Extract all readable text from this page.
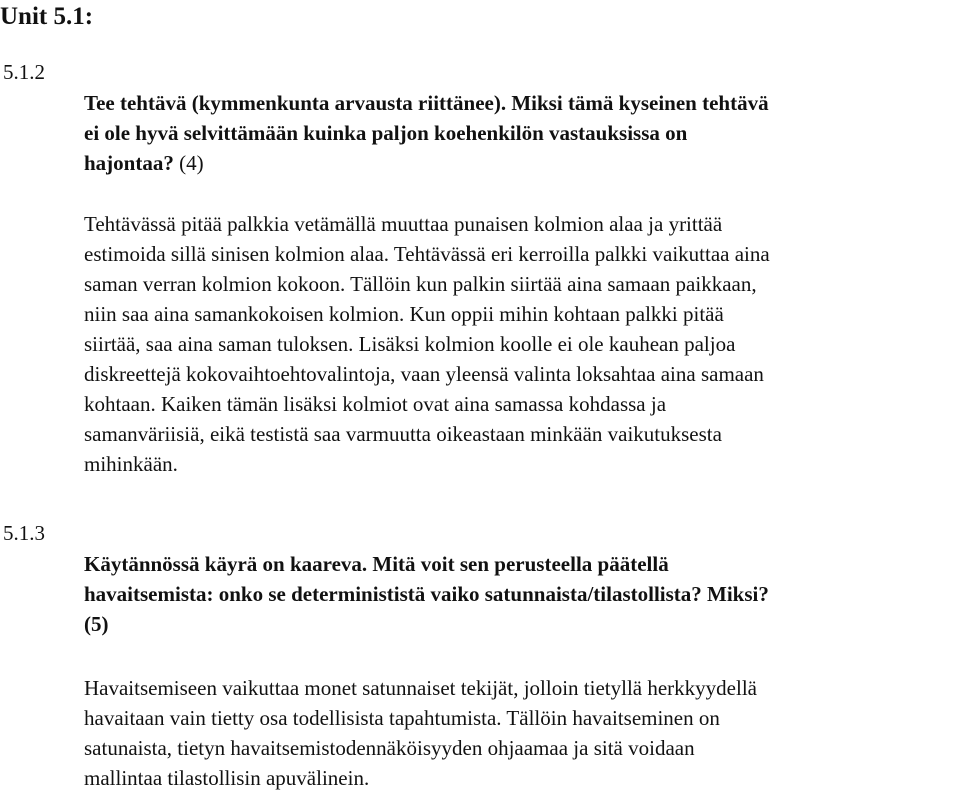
Unit 5.1:
5.1.2
Tee tehtävä (kymmenkunta arvausta riittänee). Miksi tämä kyseinen tehtävä
ei ole hyvä selvittämään kuinka paljon koehenkilön vastauksissa on
hajontaa? (4)
Tehtävässä pitää palkkia vetämällä muuttaa punaisen kolmion alaa ja yrittää
estimoida sillä sinisen kolmion alaa. Tehtävässä eri kerroilla palkki vaikuttaa aina
saman verran kolmion kokoon. Tällöin kun palkin siirtää aina samaan paikkaan,
niin saa aina samankokoisen kolmion. Kun oppii mihin kohtaan palkki pitää
siirtää, saa aina saman tuloksen. Lisäksi kolmion koolle ei ole kauhean paljoa
diskreettejä kokovaihtoehtovalintoja, vaan yleensä valinta loksahtaa aina samaan
kohtaan. Kaiken tämän lisäksi kolmiot ovat aina samassa kohdassa ja
samanväriisiä, eikä testistä saa varmuutta oikeastaan minkään vaikutuksesta
mihinkään.
5.1.3
Käytännössä käyrä on kaareva. Mitä voit sen perusteella päätellä
havaitsemista: onko se determinististä vaiko satunnaista/tilastollista? Miksi?
(5)
Havaitsemiseen vaikuttaa monet satunnaiset tekijät, jolloin tietyllä herkkyydellä
havaitaan vain tietty osa todellisista tapahtumista. Tällöin havaitseminen on
satunaista, tietyn havaitsemistodennäköisyyden ohjaamaa ja sitä voidaan
mallintaa tilastollisin apuvälinein.
